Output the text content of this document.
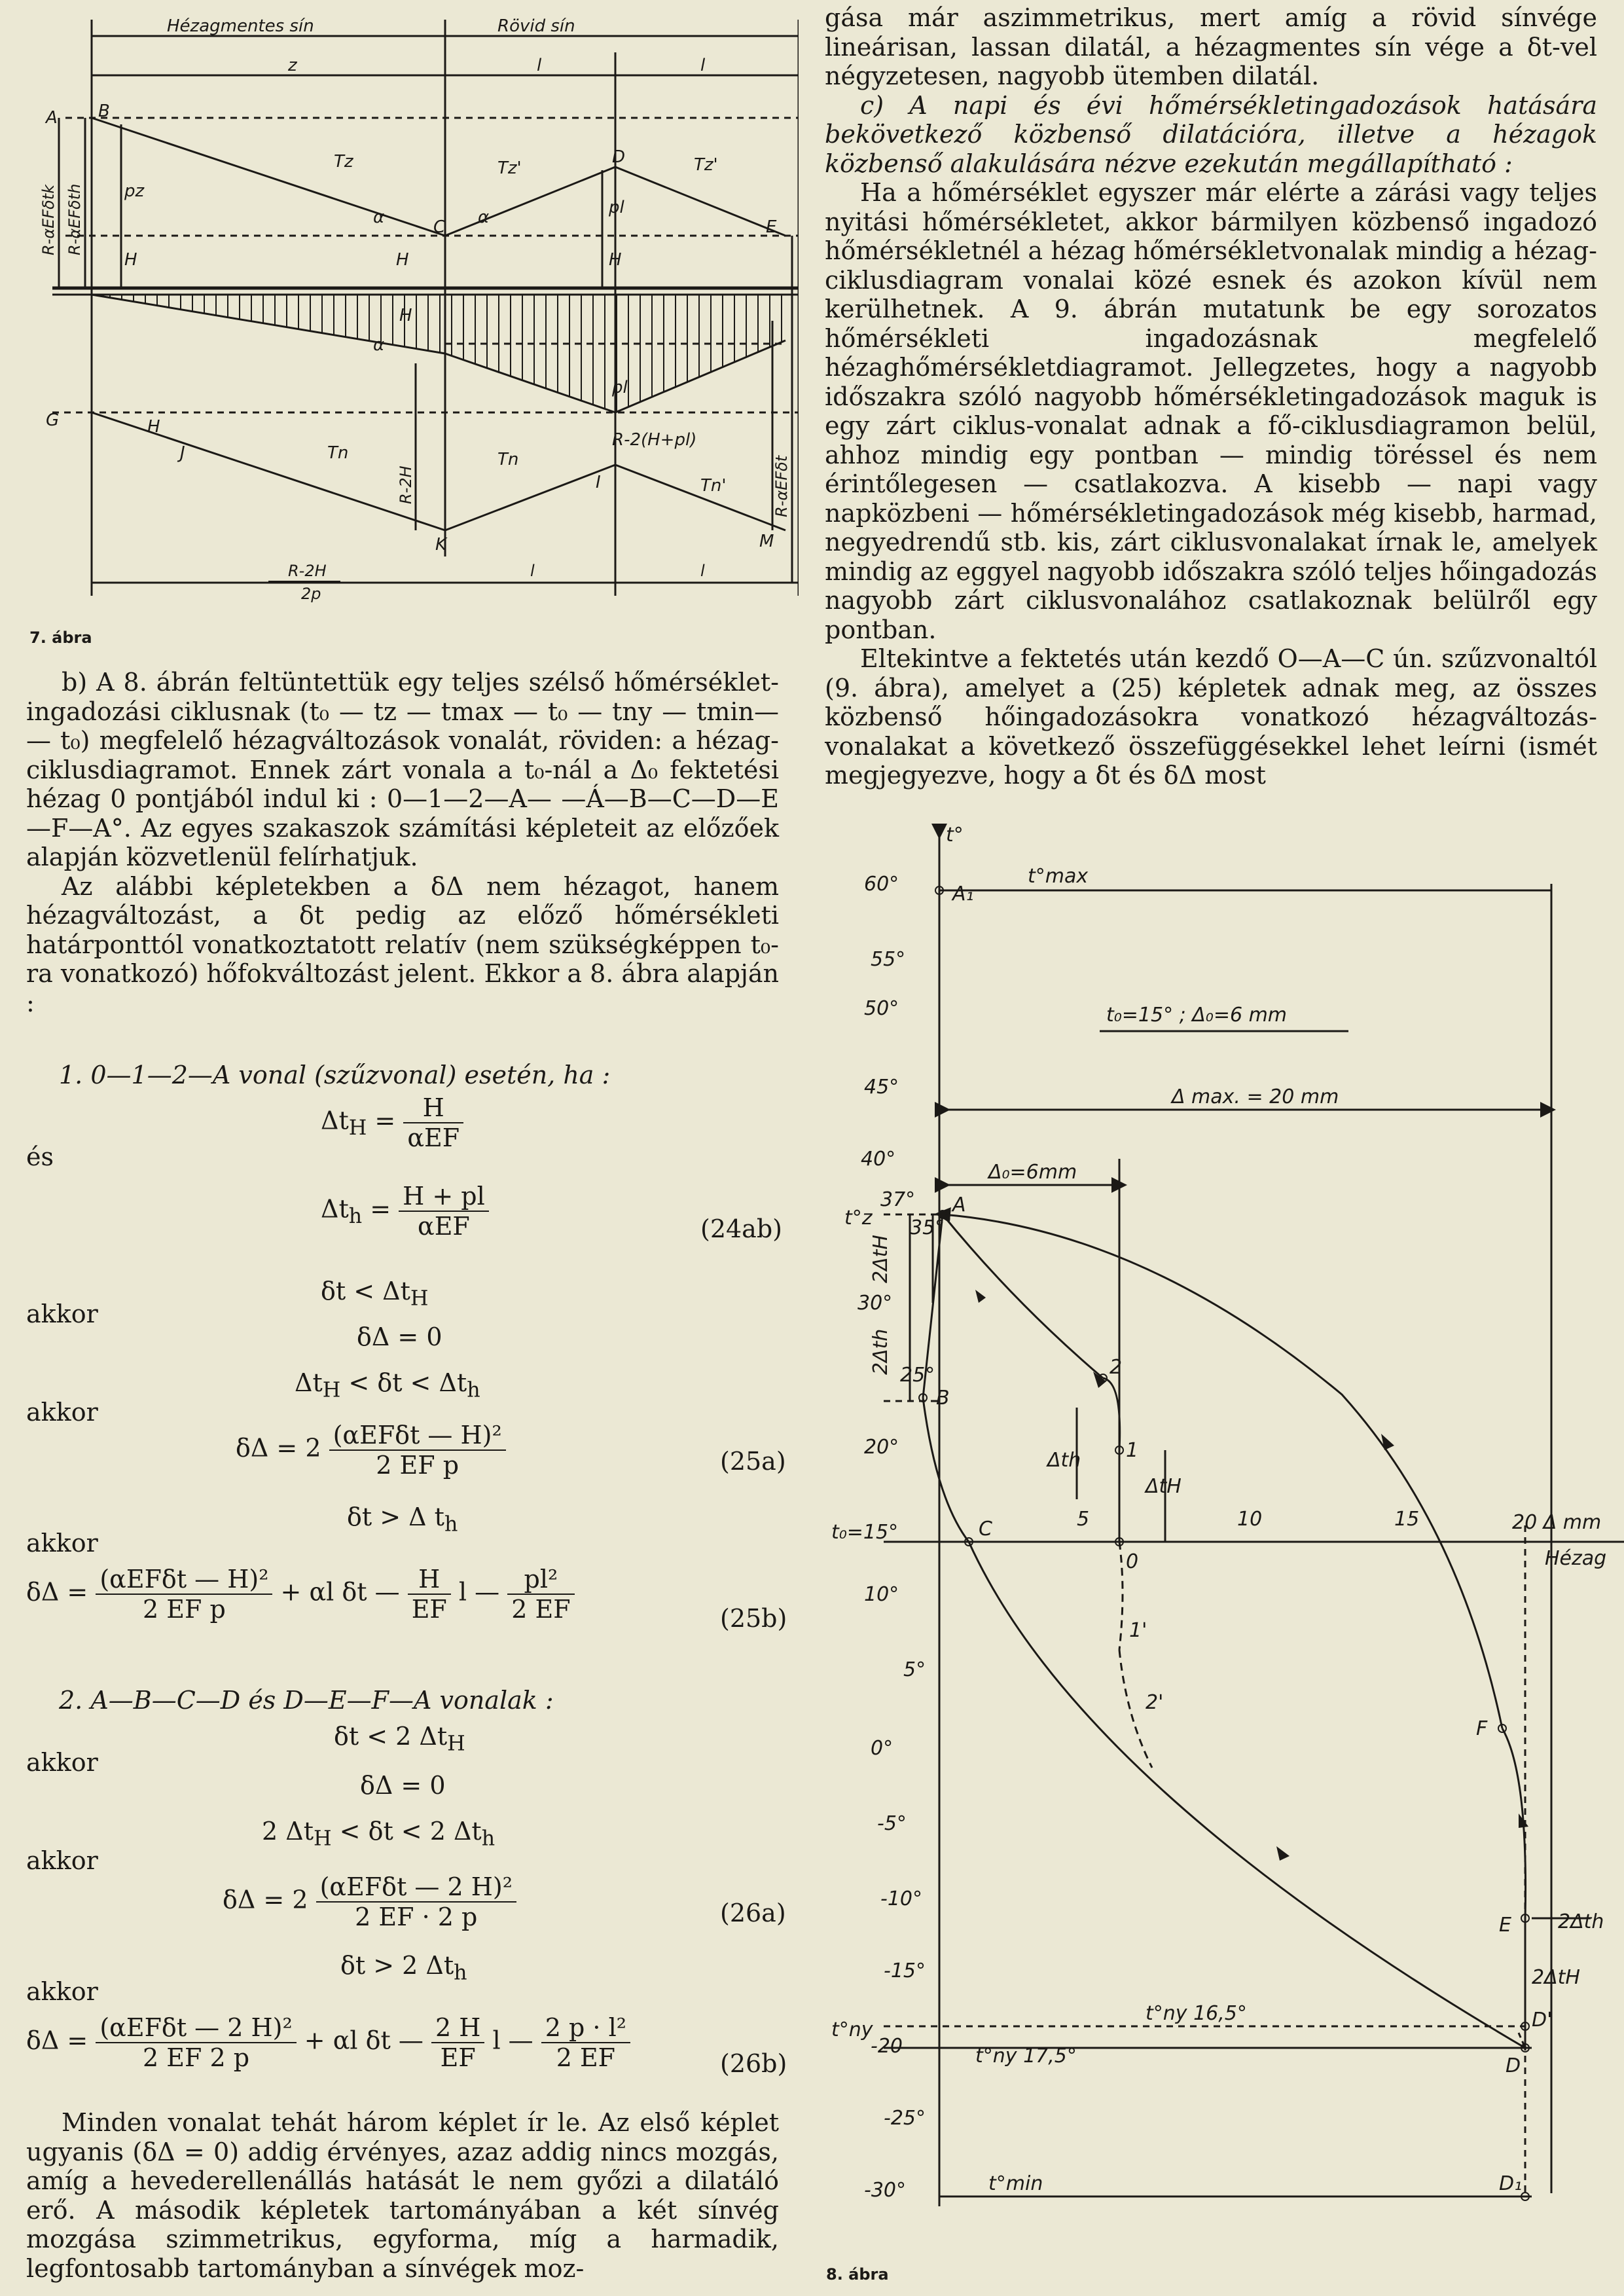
Hézagmentes sín	Rövid sín
z	l	l
A B
C
D
E
G	H
J
I
K	M
Tz	Tz'	Tz'
Tn	Tn
Tn'
pz
pl
pl
α	α
α
H	H	H
H
R-2(H+pl)
R-αEFδtk R-αEFδth
R-αEFδt
R-2H
R-2H
2p
l	l
7. ábra

b) A 8. ábrán feltüntettük egy teljes szélső hőmérséklet-ingadozási ciklusnak (t₀ — tz — tmax — t₀ — tny — tmin— — t₀) megfelelő hézagváltozások vonalát, röviden: a hézag-ciklusdiagramot. Ennek zárt vonala a t₀-nál a Δ₀ fektetési hézag 0 pontjából indul ki : 0—1—2—A— —Á—B—C—D—E—F—A°. Az egyes szakaszok számítási képleteit az előzőek alapján közvetlenül felírhatjuk.

Az alábbi képletekben a δΔ nem hézagot, hanem hézagváltozást, a δt pedig az előző hőmérsékleti határponttól vonatkoztatott relatív (nem szükségképpen t₀-ra vonatkozó) hőfokváltozást jelent. Ekkor a 8. ábra alapján :

1. 0—1—2—A vonal (szűzvonal) esetén, ha :
$\Delta t_H = \frac{H}{\text{αEF}}$
és
$\Delta t_h = \frac{H + pl}{\text{αEF}}$	(24ab)
$\delta t < \Delta t_H$
akkor
δΔ = 0
$\Delta t_H < \delta t < \Delta t_h$
akkor
$\delta\Delta = 2 \frac{\text{(αEFδt — H)²}}{\text{2 EF p}}$	(25a)
δt > Δ $t_h$
akkor
$\delta\Delta = \frac{\text{(αEFδt — H)²}}{\text{2 EF p}} + \alpha l$ δt — $\frac{H}{EF}$ l — $\frac{\text{pl²}}{2 EF}$	(25b)
2. A—B—C—D és D—E—F—A vonalak :
δt < 2 $\Delta t_H$
akkor
δΔ = 0
2 $\Delta t_H < \delta t < 2$ $\Delta t_h$
akkor
$\delta\Delta = 2 \frac{\text{(αEFδt — 2 H)²}}{2 EF \cdot 2 p}$	(26a)
δt > 2 $\Delta t_h$
akkor
$\delta\Delta = \frac{\text{(αEFδt — 2 H)²}}{2 EF 2 p} + \alpha l$ δt — $\frac{2 H}{EF}$ l — $\frac{\text{2 p · l²}}{2 EF}$	(26b)

Minden vonalat tehát három képlet ír le. Az első képlet ugyanis (δΔ = 0) addig érvényes, azaz addig nincs mozgás, amíg a hevederellenállás hatását le nem győzi a dilatáló erő. A második képletek tartományában a két sínvég mozgása szimmetrikus, egyforma, míg a harmadik, legfontosabb tartományban a sínvégek moz-

gása már aszimmetrikus, mert amíg a rövid sínvége lineárisan, lassan dilatál, a hézagmentes sín vége a δt-vel négyzetesen, nagyobb ütemben dilatál.

c) A napi és évi hőmérsékletingadozások hatására bekövetkező közbenső dilatációra, illetve a hézagok közbenső alakulására nézve ezekután megállapítható :

Ha a hőmérséklet egyszer már elérte a zárási vagy teljes nyitási hőmérsékletet, akkor bármilyen közbenső ingadozó hőmérsékletnél a hézag hőmérsékletvonalak mindig a hézag-ciklusdiagram vonalai közé esnek és azokon kívül nem kerülhetnek. A 9. ábrán mutatunk be egy sorozatos hőmérsékleti ingadozásnak megfelelő hézaghőmérsékletdiagramot. Jellegzetes, hogy a nagyobb időszakra szóló nagyobb hőmérsékletingadozások maguk is egy zárt ciklus-vonalat adnak a fő-ciklusdiagramon belül, ahhoz mindig egy pontban — mindig töréssel és nem érintőlegesen — csatlakozva. A kisebb — napi vagy napközbeni — hőmérsékletingadozások még kisebb, harmad, negyedrendű stb. kis, zárt ciklusvonalakat írnak le, amelyek mindig az eggyel nagyobb időszakra szóló teljes hőingadozás nagyobb zárt ciklusvonalához csatlakoznak belülről egy pontban.

Eltekintve a fektetés után kezdő O—A—C ún. szűzvonaltól (9. ábra), amelyet a (25) képletek adnak meg, az összes közbenső hőingadozásokra vonatkozó hézagváltozás-vonalakat a következő összefüggésekkel lehet leírni (ismét megjegyezve, hogy a δt és δΔ most

t°
t°max
t₀=15° ; Δ₀=6 mm
Δ max. = 20 mm
Δ₀=6mm
t°z
37°
t₀=15°	20 Δ mm
Hézag
t°ny
t°ny 16,5°
t°ny 17,5°
t°min
A₁
A
B
C
0
1
2
1'
2'
F
E
D'
D
D₁
Δth
ΔtH
2ΔtH
2Δth
2Δth
2ΔtH
5	10	15
60°
55°
50°
45°
40°
35°
30°
25°
20°
10°
5°
0°
-5°
-10°
-15°
-20
-25°
-30°
8. ábra
